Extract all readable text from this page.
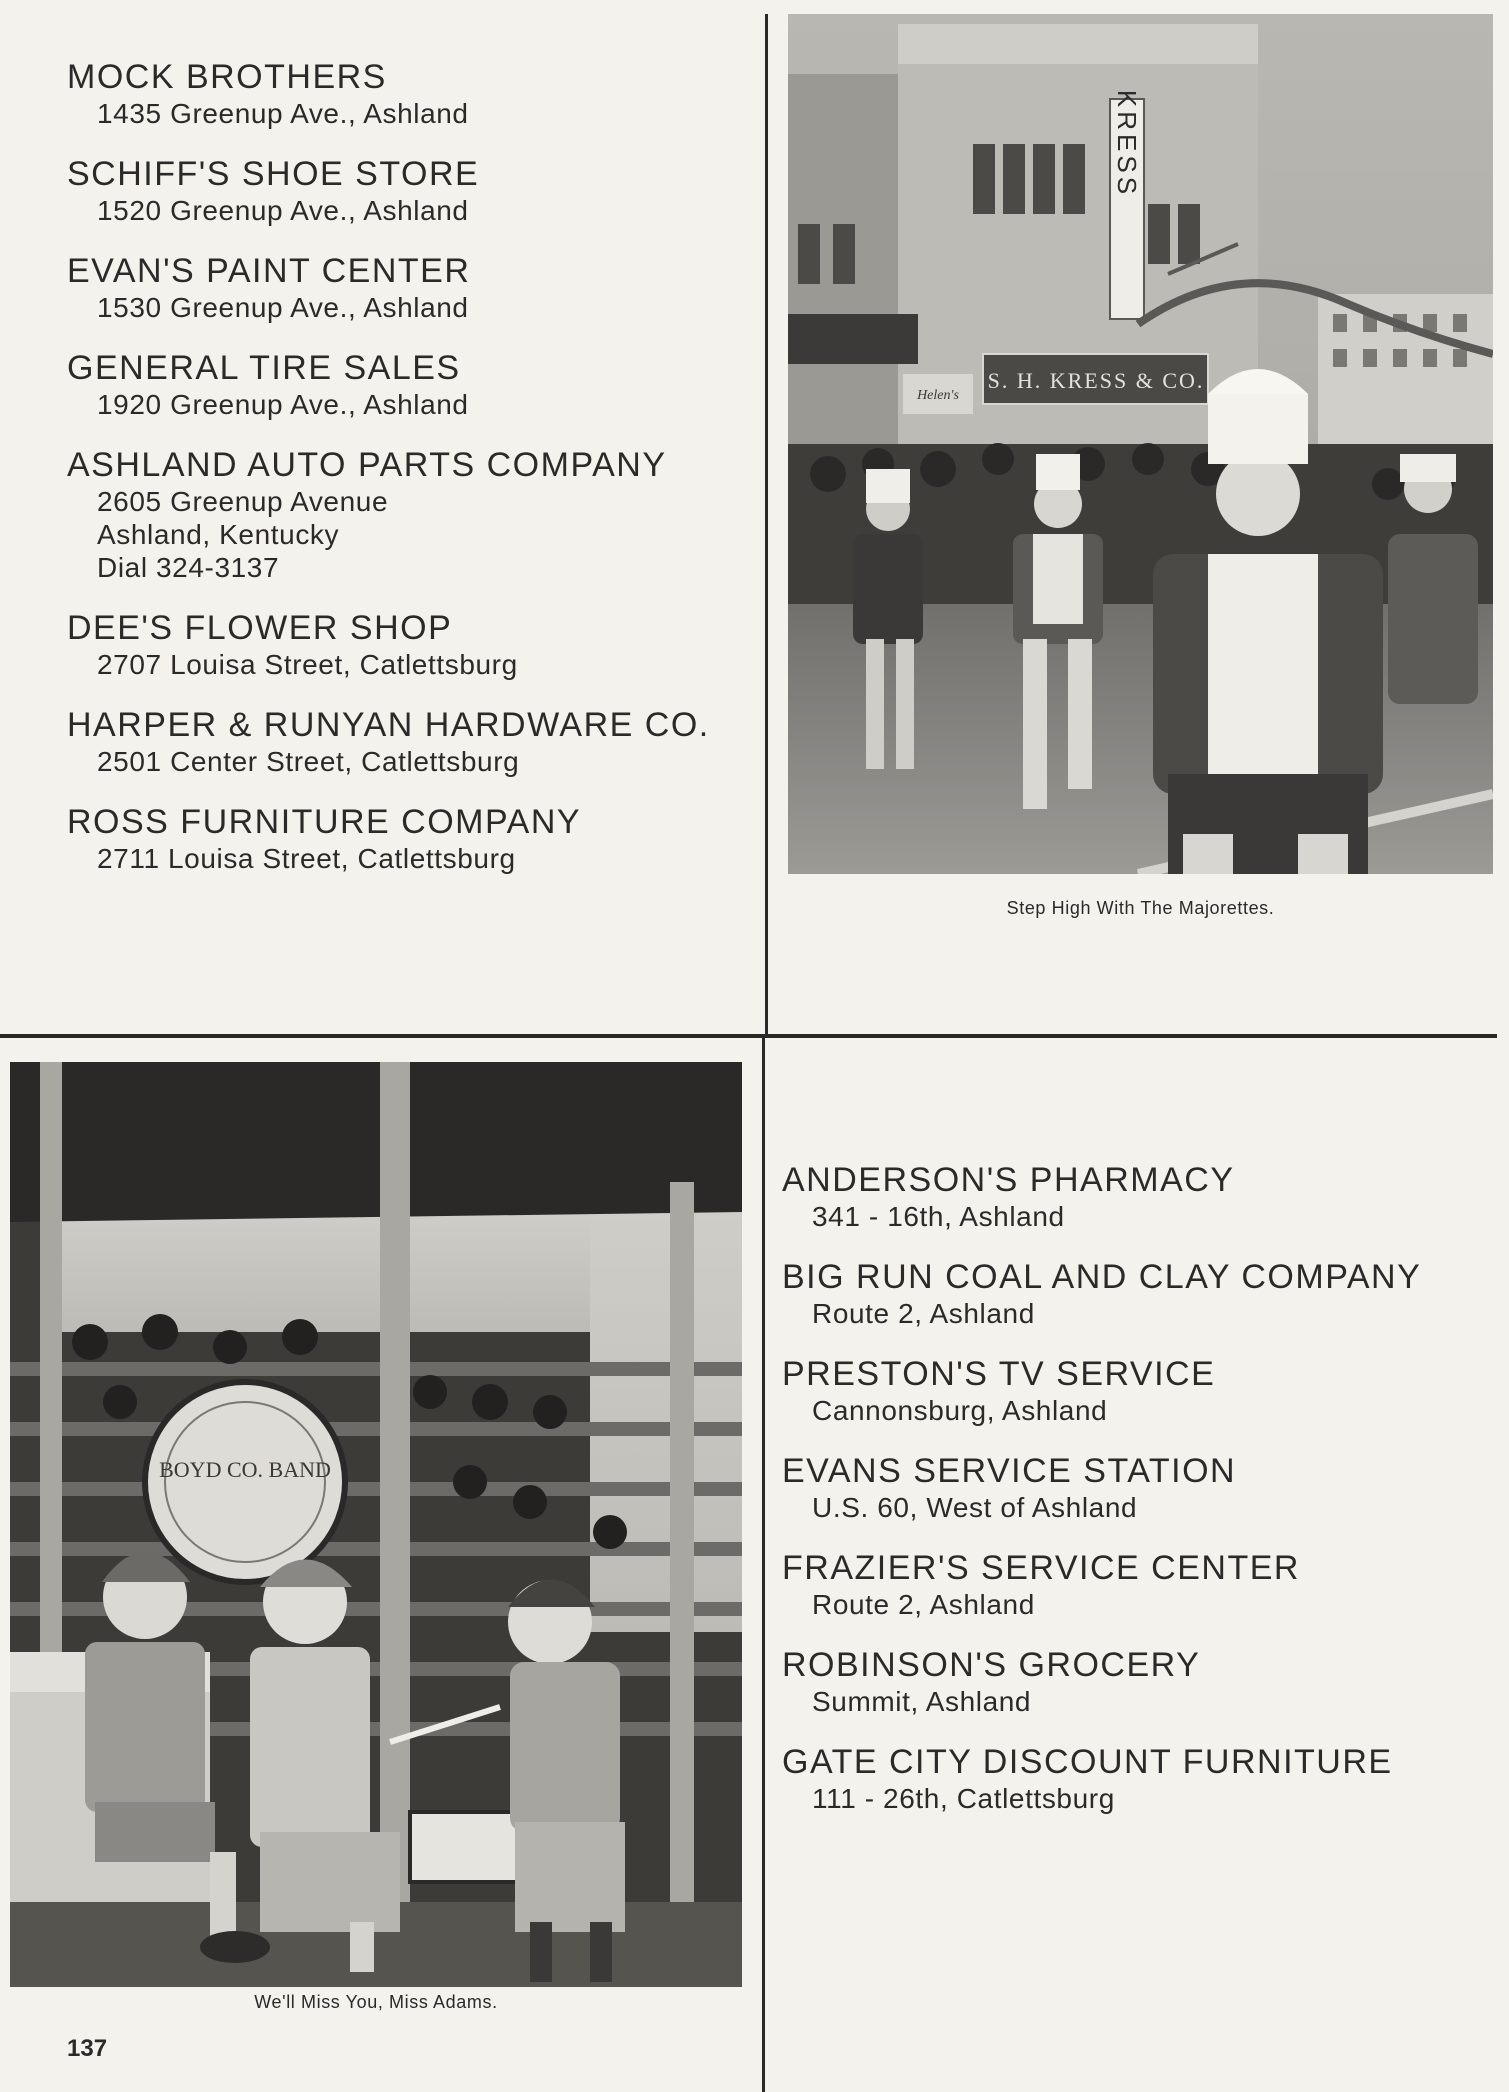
MOCK BROTHERS
1435 Greenup Ave., Ashland
SCHIFF'S SHOE STORE
1520 Greenup Ave., Ashland
EVAN'S PAINT CENTER
1530 Greenup Ave., Ashland
GENERAL TIRE SALES
1920 Greenup Ave., Ashland
ASHLAND AUTO PARTS COMPANY
2605 Greenup Avenue
Ashland, Kentucky
Dial 324-3137
DEE'S FLOWER SHOP
2707 Louisa Street, Catlettsburg
HARPER & RUNYAN HARDWARE CO.
2501 Center Street, Catlettsburg
ROSS FURNITURE COMPANY
2711 Louisa Street, Catlettsburg
KRESS
S. H. KRESS & CO.
Helen's
Step High With The Majorettes.
BOYD CO. BAND
We'll Miss You, Miss Adams.
137
ANDERSON'S PHARMACY
341 - 16th, Ashland
BIG RUN COAL AND CLAY COMPANY
Route 2, Ashland
PRESTON'S TV SERVICE
Cannonsburg, Ashland
EVANS SERVICE STATION
U.S. 60, West of Ashland
FRAZIER'S SERVICE CENTER
Route 2, Ashland
ROBINSON'S GROCERY
Summit, Ashland
GATE CITY DISCOUNT FURNITURE
111 - 26th, Catlettsburg
